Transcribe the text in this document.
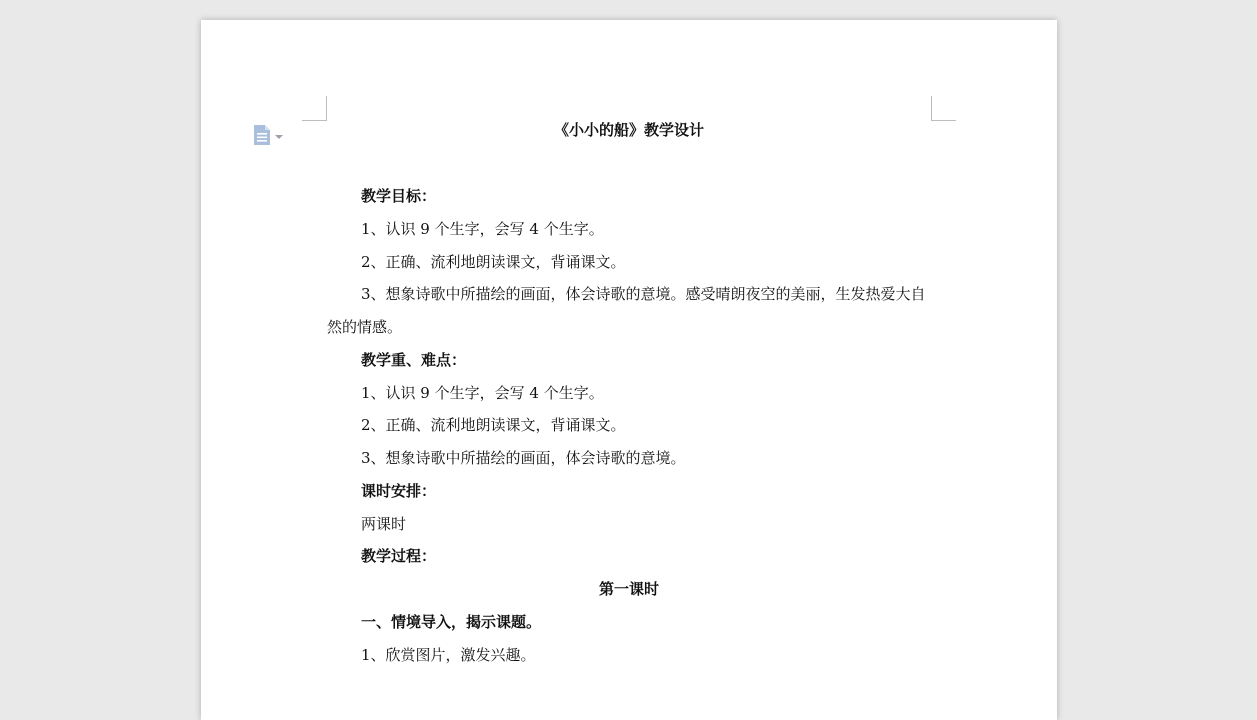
《小小的船》教学设计
教学目标：
1、认识 9 个生字，会写 4 个生字。
2、正确、流利地朗读课文，背诵课文。
3、想象诗歌中所描绘的画面，体会诗歌的意境。感受晴朗夜空的美丽，生发热爱大自然的情感。
教学重、难点：
1、认识 9 个生字，会写 4 个生字。
2、正确、流利地朗读课文，背诵课文。
3、想象诗歌中所描绘的画面，体会诗歌的意境。
课时安排：
两课时
教学过程：
第一课时
一、情境导入，揭示课题。
1、欣赏图片，激发兴趣。
